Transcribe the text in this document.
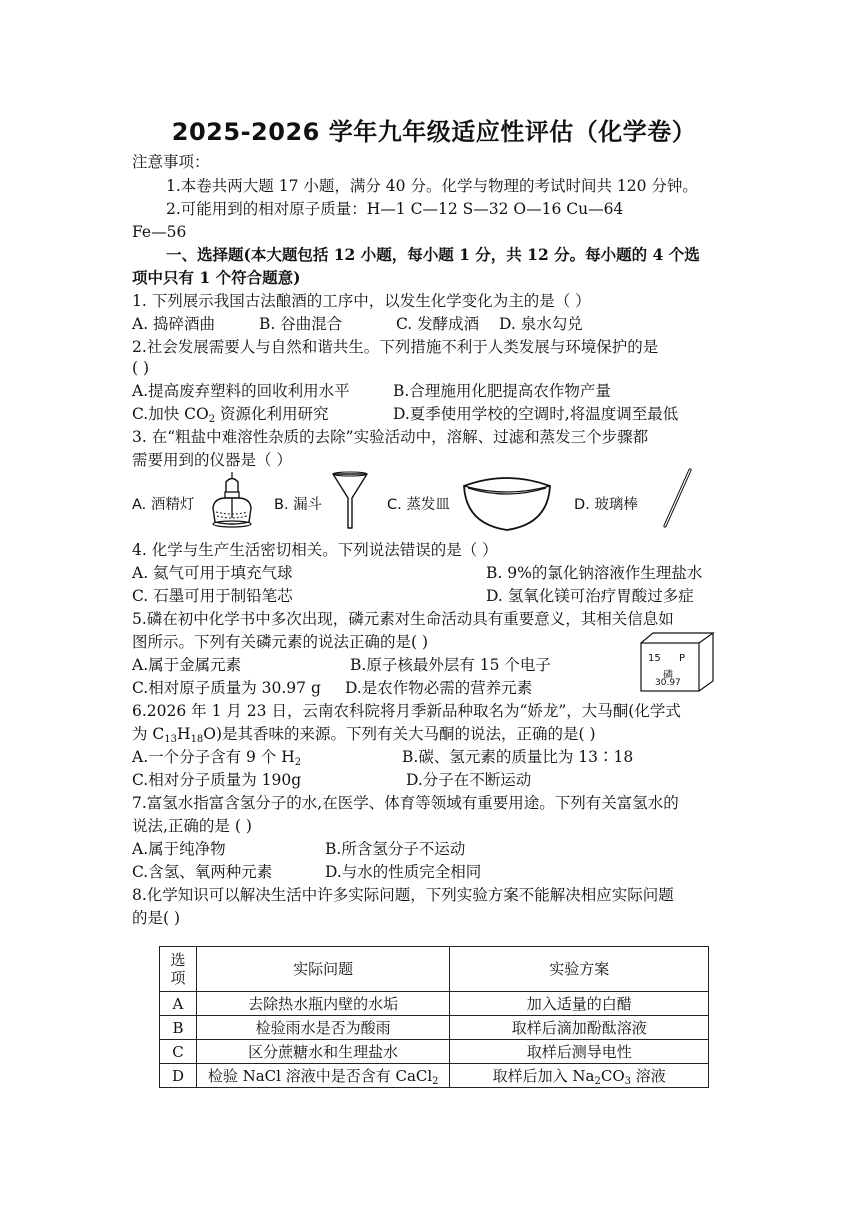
2025-2026 学年九年级适应性评估（化学卷）
注意事项：
1.本卷共两大题 17 小题，满分 40 分。化学与物理的考试时间共 120 分钟。
2.可能用到的相对原子质量：H—1 C—12 S—32 O—16 Cu—64
Fe—56
一、选择题(本大题包括 12 小题，每小题 1 分，共 12 分。每小题的 4 个选
项中只有 1 个符合题意)
1. 下列展示我国古法酿酒的工序中，以发生化学变化为主的是（ ）
A. 捣碎酒曲	B. 谷曲混合	C. 发酵成酒 D. 泉水勾兑
2.社会发展需要人与自然和谐共生。下列措施不利于人类发展与环境保护的是
( )
A.提高废弃塑料的回收利用水平	B.合理施用化肥提高农作物产量
C.加快 $CO_2$ 资源化利用研究	D.夏季使用学校的空调时,将温度调至最低
3. 在“粗盐中难溶性杂质的去除”实验活动中，溶解、过滤和蒸发三个步骤都
需要用到的仪器是（ ）
A. 酒精灯	B. 漏斗	C. 蒸发皿	D. 玻璃棒
4. 化学与生产生活密切相关。下列说法错误的是（ ）
A. 氦气可用于填充气球	B. 9%的氯化钠溶液作生理盐水
C. 石墨可用于制铅笔芯	D. 氢氧化镁可治疗胃酸过多症
5.磷在初中化学书中多次出现，磷元素对生命活动具有重要意义，其相关信息如
图所示。下列有关磷元素的说法正确的是( )
A.属于金属元素	B.原子核最外层有 15 个电子
C.相对原子质量为 30.97 g D.是农作物必需的营养元素
15 P
磷
30.97
6.2026 年 1 月 23 日，云南农科院将月季新品种取名为“娇龙”，大马酮(化学式
为 $C_{13}H_{18}O$)是其香味的来源。下列有关大马酮的说法，正确的是( )
A.一个分子含有 9 个 $H_2$	B.碳、氢元素的质量比为 13∶18
C.相对分子质量为 190g	D.分子在不断运动
7.富氢水指富含氢分子的水,在医学、体育等领域有重要用途。下列有关富氢水的
说法,正确的是 ( )
A.属于纯净物	B.所含氢分子不运动
C.含氢、氧两种元素	D.与水的性质完全相同
8.化学知识可以解决生活中许多实际问题，下列实验方案不能解决相应实际问题
的是( )
选
项	实际问题	实验方案
A	去除热水瓶内壁的水垢	加入适量的白醋
B	检验雨水是否为酸雨	取样后滴加酚酞溶液
C	区分蔗糖水和生理盐水	取样后测导电性
D	检验 NaCl 溶液中是否含有 CaCl$_2$	取样后加入 $Na_2CO_3$ 溶液
